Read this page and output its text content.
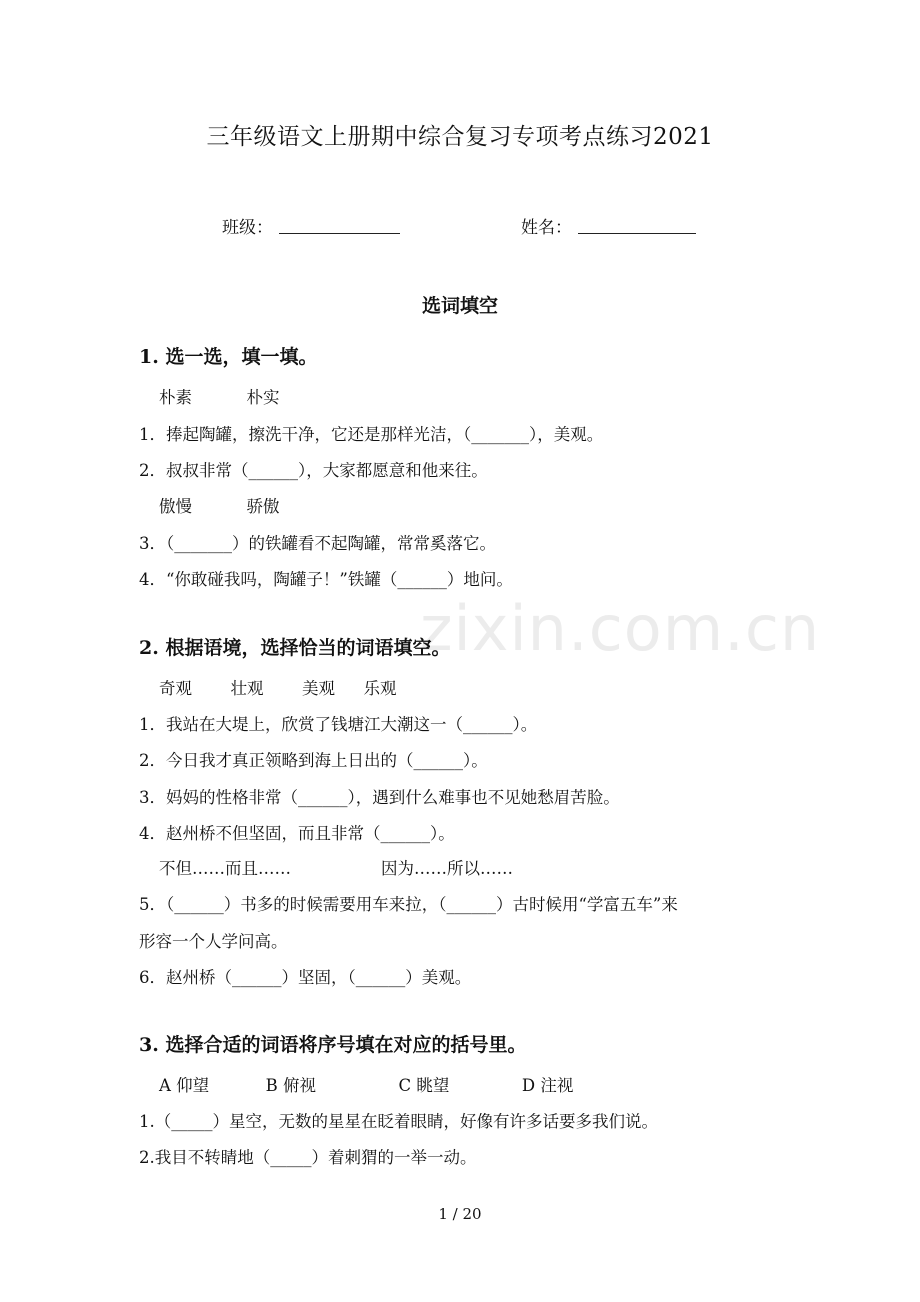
zixin.com.cn
三年级语文上册期中综合复习专项考点练习2021
班级：	姓名：
选词填空
1. 选一选，填一填。
朴素	朴实
1．捧起陶罐，擦洗干净，它还是那样光洁，（_______），美观。
2．叔叔非常（______），大家都愿意和他来往。
傲慢	骄傲
3．（_______）的铁罐看不起陶罐，常常奚落它。
4．“你敢碰我吗，陶罐子！”铁罐（______）地问。
2. 根据语境，选择恰当的词语填空。
奇观 壮观 美观 乐观
1．我站在大堤上，欣赏了钱塘江大潮这一（______）。
2．今日我才真正领略到海上日出的（______）。
3．妈妈的性格非常（______），遇到什么难事也不见她愁眉苦脸。
4．赵州桥不但坚固，而且非常（______）。
不但……而且……	因为……所以……
5．（______）书多的时候需要用车来拉，（______）古时候用“学富五车”来
形容一个人学问高。
6．赵州桥（______）坚固，（______）美观。
3. 选择合适的词语将序号填在对应的括号里。
A 仰望	B 俯视	C 眺望	D 注视
1.（_____）星空，无数的星星在眨着眼睛，好像有许多话要多我们说。
2.我目不转睛地（_____）着刺猬的一举一动。
1 / 20
